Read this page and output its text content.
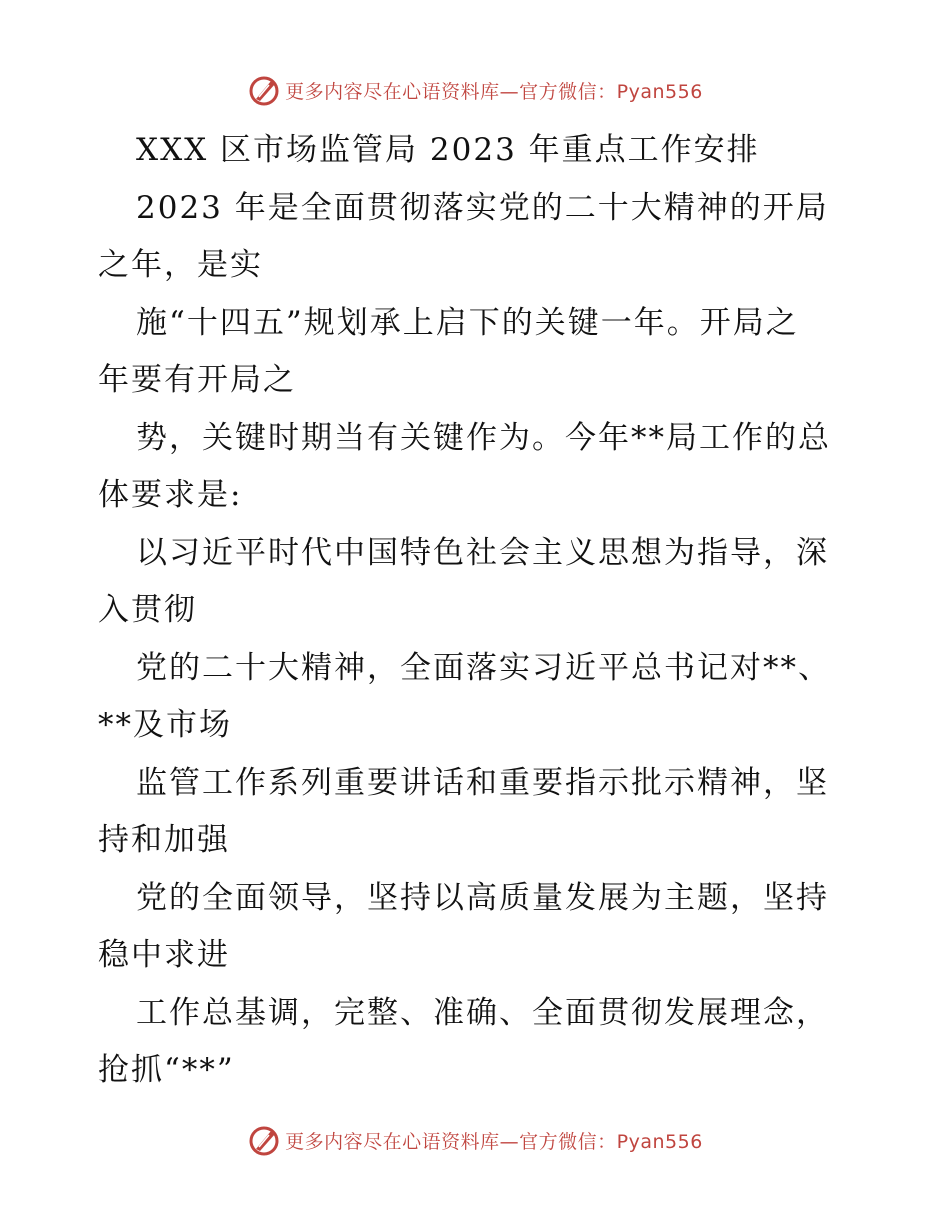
更多内容尽在心语资料库—官方微信：Pyan556
XXX 区市场监管局 2023 年重点工作安排
2023 年是全面贯彻落实党的二十大精神的开局
之年，是实
施“十四五”规划承上启下的关键一年。开局之
年要有开局之
势，关键时期当有关键作为。今年**局工作的总
体要求是:
以习近平时代中国特色社会主义思想为指导，深
入贯彻
党的二十大精神，全面落实习近平总书记对**、
**及市场
监管工作系列重要讲话和重要指示批示精神，坚
持和加强
党的全面领导，坚持以高质量发展为主题，坚持
稳中求进
工作总基调，完整、准确、全面贯彻发展理念，
抢抓“**”
更多内容尽在心语资料库—官方微信：Pyan556
